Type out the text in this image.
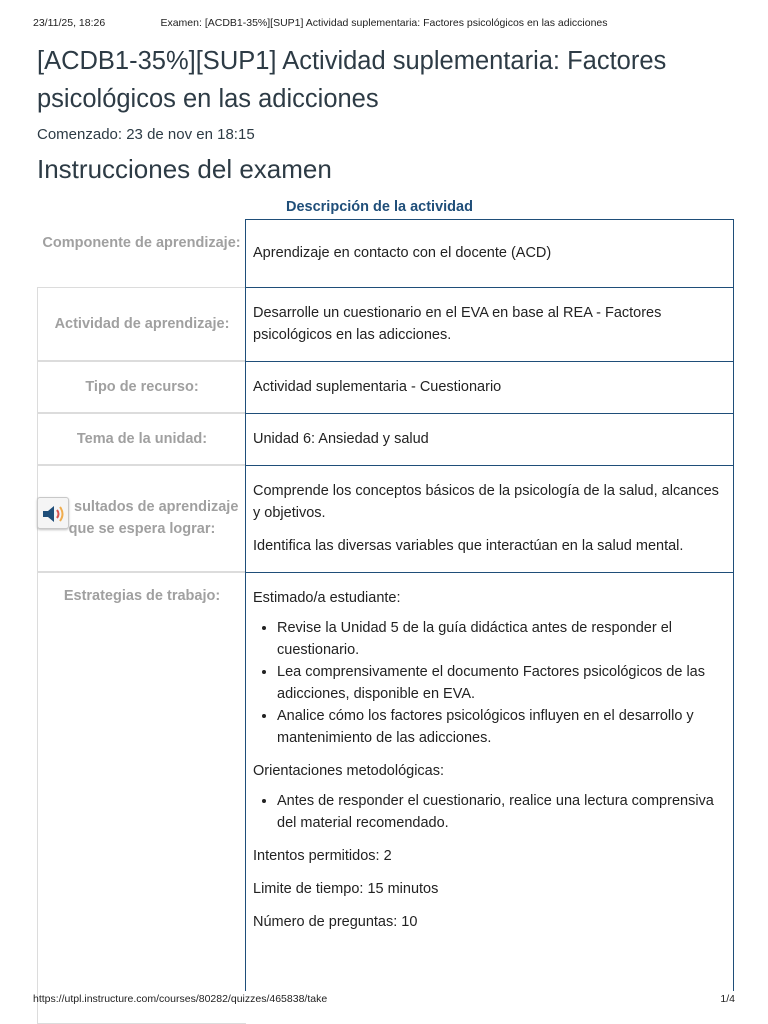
23/11/25, 18:26	Examen: [ACDB1-35%][SUP1] Actividad suplementaria: Factores psicológicos en las adicciones
[ACDB1-35%][SUP1] Actividad suplementaria: Factores psicológicos en las adicciones
Comenzado: 23 de nov en 18:15
Instrucciones del examen
Descripción de la actividad
Componente de aprendizaje:
Actividad de aprendizaje:
Tipo de recurso:
Tema de la unidad:
sultados de aprendizaje
que se espera lograr:
Estrategias de trabajo:

Aprendizaje en contacto con el docente (ACD)

Desarrolle un cuestionario en el EVA en base al REA - Factores psicológicos en las adicciones.

Actividad suplementaria - Cuestionario

Unidad 6: Ansiedad y salud

Comprende los conceptos básicos de la psicología de la salud, alcances y objetivos.

Identifica las diversas variables que interactúan en la salud mental.

Estimado/a estudiante:

• Revise la Unidad 5 de la guía didáctica antes de responder el cuestionario.
• Lea comprensivamente el documento Factores psicológicos de las adicciones, disponible en EVA.
• Analice cómo los factores psicológicos influyen en el desarrollo y mantenimiento de las adicciones.

Orientaciones metodológicas:

• Antes de responder el cuestionario, realice una lectura comprensiva del material recomendado.

Intentos permitidos: 2

Limite de tiempo: 15 minutos

Número de preguntas: 10

https://utpl.instructure.com/courses/80282/quizzes/465838/take	1/4
